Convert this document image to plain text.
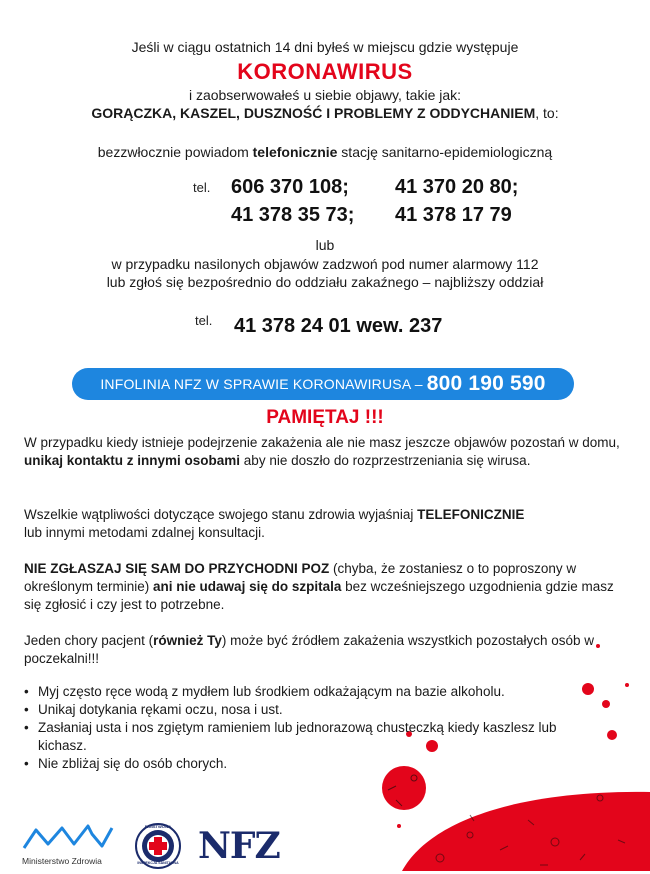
Jeśli w ciągu ostatnich 14 dni byłeś w miejscu gdzie występuje
KORONAWIRUS
i zaobserwowałeś u siebie objawy, takie jak:
GORĄCZKA, KASZEL, DUSZNOŚĆ I PROBLEMY Z ODDYCHANIEM, to:
bezzwłocznie powiadom telefonicznie stację sanitarno-epidemiologiczną
tel. 606 370 108; 41 370 20 80;
41 378 35 73; 41 378 17 79
lub
w przypadku nasilonych objawów zadzwoń pod numer alarmowy 112
lub zgłoś się bezpośrednio do oddziału zakaźnego – najbliższy oddział
tel. 41 378 24 01 wew. 237
INFOLINIA NFZ W SPRAWIE KORONAWIRUSA – 800 190 590
PAMIĘTAJ !!!
W przypadku kiedy istnieje podejrzenie zakażenia ale nie masz jeszcze objawów pozostań w domu, unikaj kontaktu z innymi osobami aby nie doszło do rozprzestrzeniania się wirusa.
Wszelkie wątpliwości dotyczące swojego stanu zdrowia wyjaśniaj TELEFONICZNIE
lub innymi metodami zdalnej konsultacji.
NIE ZGŁASZAJ SIĘ SAM DO PRZYCHODNI POZ (chyba, że zostaniesz o to poproszony w określonym terminie) ani nie udawaj się do szpitala bez wcześniejszego uzgodnienia gdzie masz się zgłosić i czy jest to potrzebne.
Jeden chory pacjent (również Ty) może być źródłem zakażenia wszystkich pozostałych osób w poczekalni!!!
• Myj często ręce wodą z mydłem lub środkiem odkażającym na bazie alkoholu.
• Unikaj dotykania rękami oczu, nosa i ust.
• Zasłaniaj usta i nos zgiętym ramieniem lub jednorazową chusteczką kiedy kaszlesz lub kichasz.
• Nie zbliżaj się do osób chorych.
Ministerstwo Zdrowia
PAŃSTWOWA
INSPEKCJA SANITARNA NFZ
